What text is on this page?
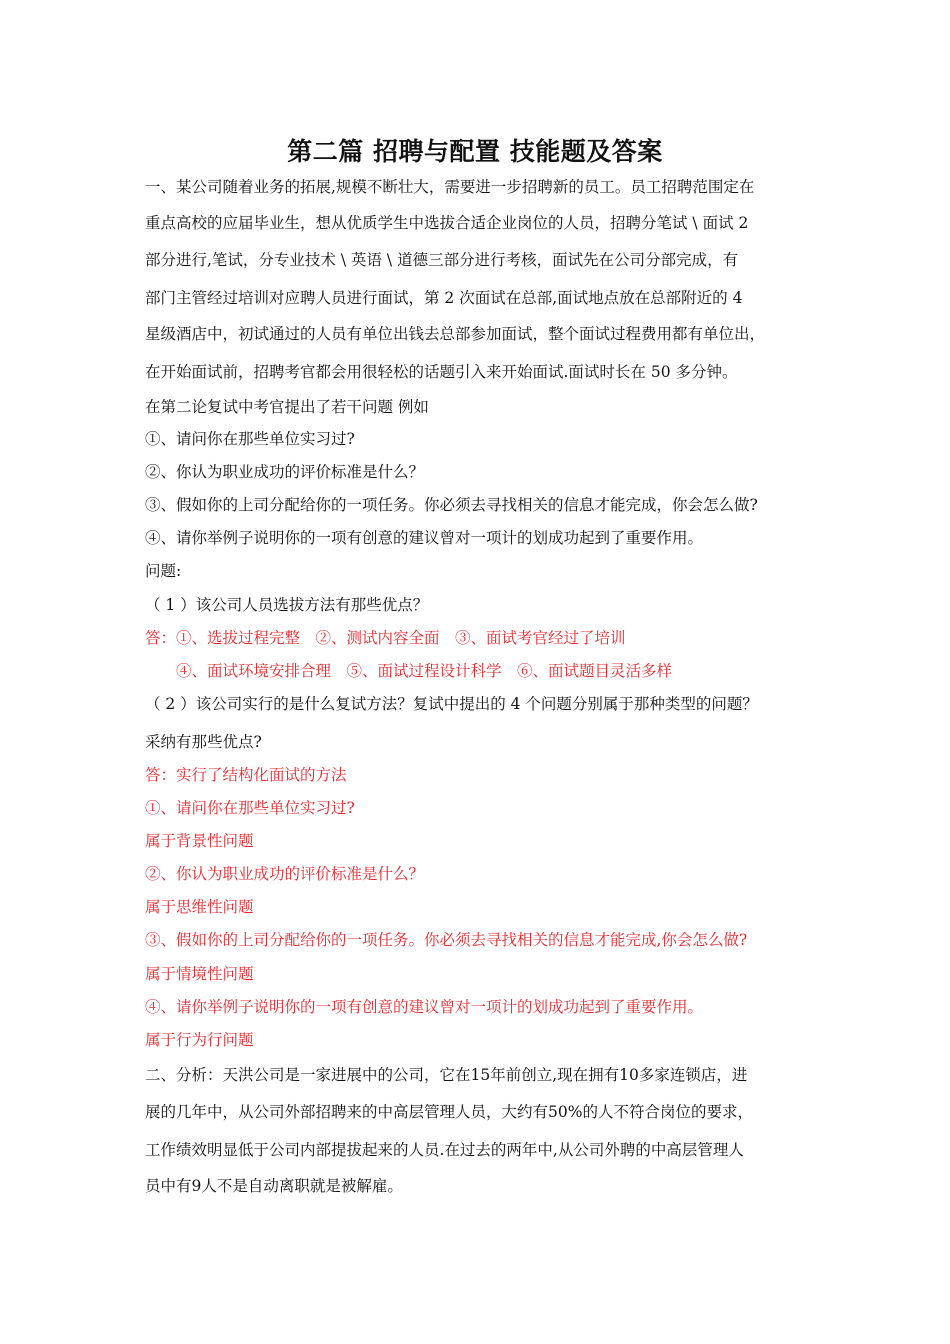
第二篇 招聘与配置 技能题及答案
一、某公司随着业务的拓展,规模不断壮大，需要进一步招聘新的员工。员工招聘范围定在
重点高校的应届毕业生，想从优质学生中选拔合适企业岗位的人员，招聘分笔试 \ 面试 2
部分进行,笔试，分专业技术 \ 英语 \ 道德三部分进行考核，面试先在公司分部完成，有
部门主管经过培训对应聘人员进行面试，第 2 次面试在总部,面试地点放在总部附近的 4
星级酒店中，初试通过的人员有单位出钱去总部参加面试，整个面试过程费用都有单位出，
在开始面试前，招聘考官都会用很轻松的话题引入来开始面试.面试时长在 50 多分钟。
在第二论复试中考官提出了若干问题 例如
①、请问你在那些单位实习过?
②、你认为职业成功的评价标准是什么？
③、假如你的上司分配给你的一项任务。你必须去寻找相关的信息才能完成，你会怎么做?
④、请你举例子说明你的一项有创意的建议曾对一项计的划成功起到了重要作用。
问题:
（ 1 ）该公司人员选拔方法有那些优点？
答：①、选拔过程完整　②、测试内容全面　③、面试考官经过了培训
④、面试环境安排合理　⑤、面试过程设计科学　⑥、面试题目灵活多样
（ 2 ）该公司实行的是什么复试方法？复试中提出的 4 个问题分别属于那种类型的问题？
采纳有那些优点?
答：实行了结构化面试的方法
①、请问你在那些单位实习过?
属于背景性问题
②、你认为职业成功的评价标准是什么？
属于思维性问题
③、假如你的上司分配给你的一项任务。你必须去寻找相关的信息才能完成,你会怎么做?
属于情境性问题
④、请你举例子说明你的一项有创意的建议曾对一项计的划成功起到了重要作用。
属于行为行问题
二、分析：天洪公司是一家进展中的公司，它在15年前创立,现在拥有10多家连锁店，进
展的几年中，从公司外部招聘来的中高层管理人员，大约有50%的人不符合岗位的要求，
工作绩效明显低于公司内部提拔起来的人员.在过去的两年中,从公司外聘的中高层管理人
员中有9人不是自动离职就是被解雇。
